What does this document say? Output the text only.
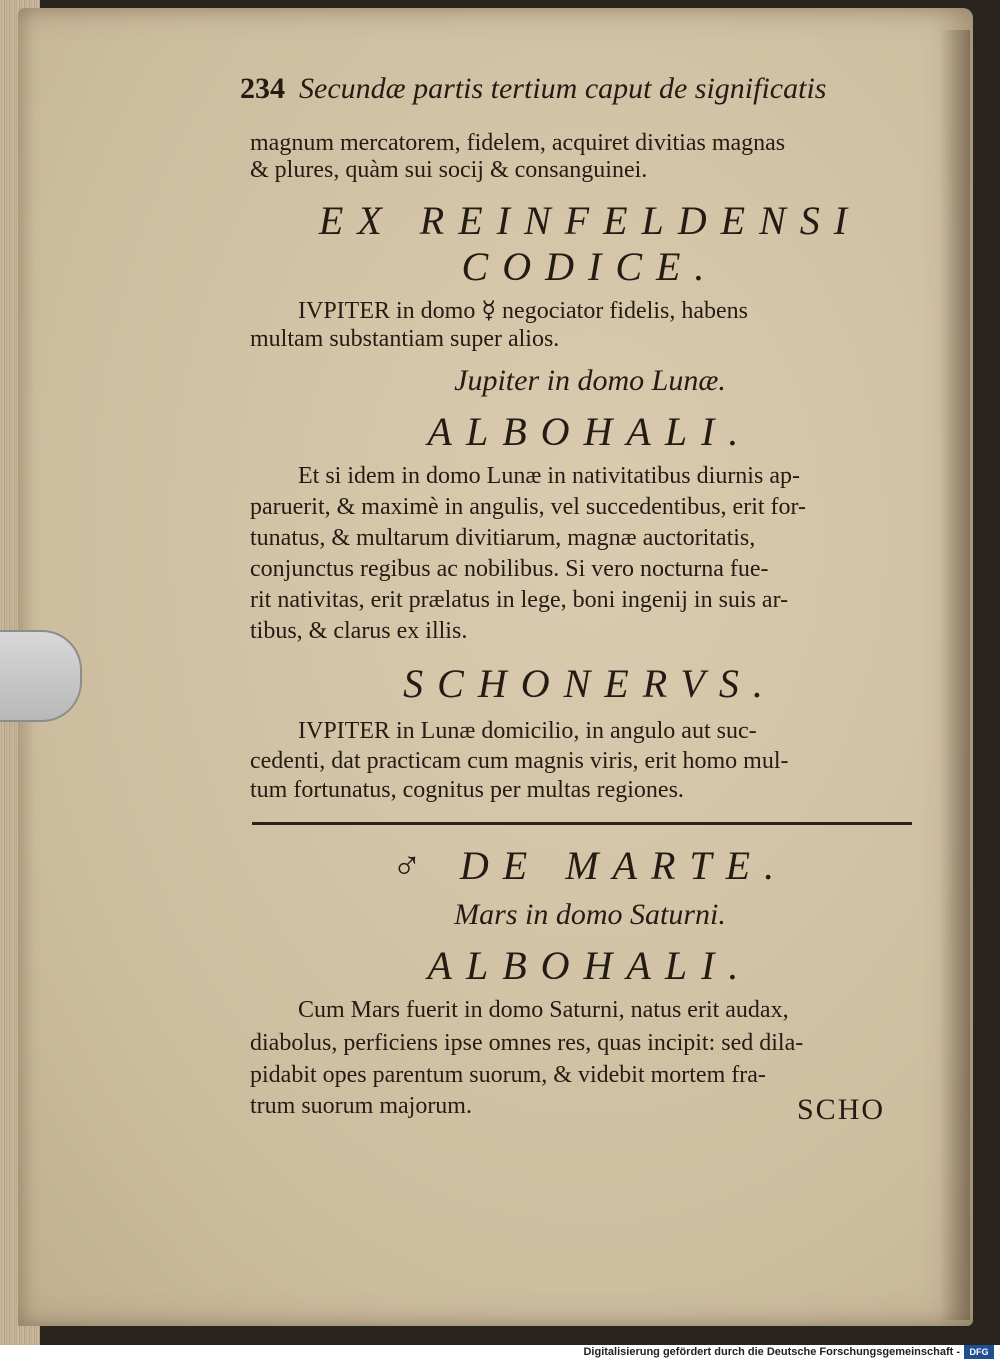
234 Secundæ partis tertium caput de significatis
magnum mercatorem, fidelem, acquiret divitias magnas
& plures, quàm sui socij & consanguinei.
EX REINFELDENSI
CODICE.
IVPITER in domo ☿ negociator fidelis, habens
multam substantiam super alios.
Jupiter in domo Lunæ.
ALBOHALI.
Et si idem in domo Lunæ in nativitatibus diurnis ap-
paruerit, & maximè in angulis, vel succedentibus, erit for-
tunatus, & multarum divitiarum, magnæ auctoritatis,
conjunctus regibus ac nobilibus. Si vero nocturna fue-
rit nativitas, erit prælatus in lege, boni ingenij in suis ar-
tibus, & clarus ex illis.
SCHONERVS.
IVPITER in Lunæ domicilio, in angulo aut suc-
cedenti, dat practicam cum magnis viris, erit homo mul-
tum fortunatus, cognitus per multas regiones.
♂ DE MARTE.
Mars in domo Saturni.
ALBOHALI.
Cum Mars fuerit in domo Saturni, natus erit audax,
diabolus, perficiens ipse omnes res, quas incipit: sed dila-
pidabit opes parentum suorum, & videbit mortem fra-
trum suorum majorum.	SCHO
Digitalisierung gefördert durch die Deutsche Forschungsgemeinschaft -	DFG
